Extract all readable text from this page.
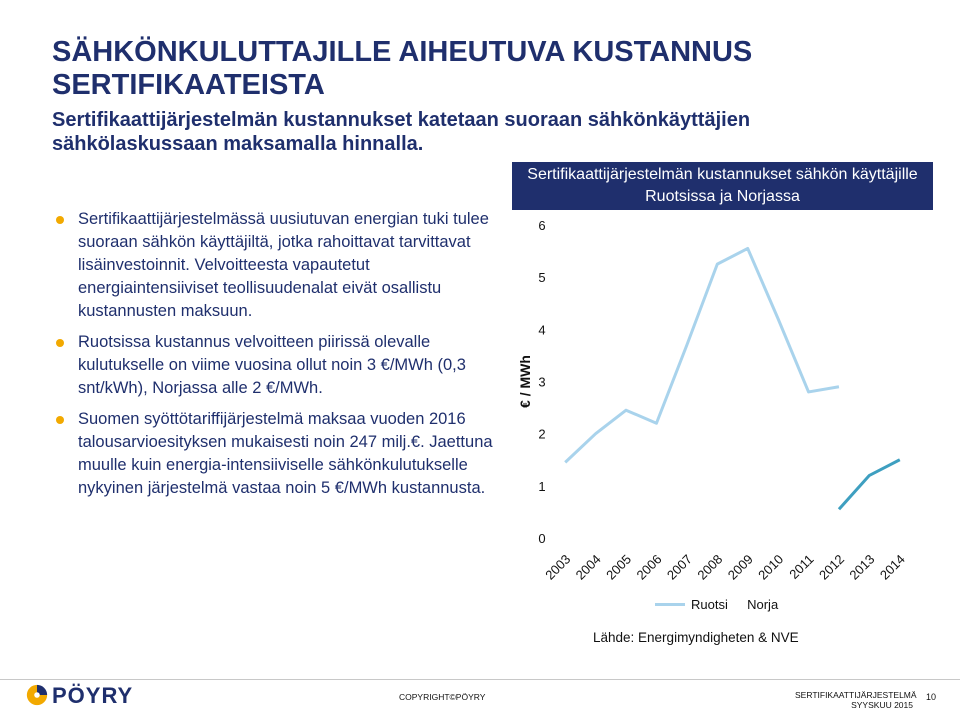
SÄHKÖNKULUTTAJILLE AIHEUTUVA KUSTANNUS SERTIFIKAATEISTA
Sertifikaattijärjestelmän kustannukset katetaan suoraan sähkönkäyttäjien sähkölaskussaan maksamalla hinnalla.
Sertifikaattijärjestelmässä uusiutuvan energian tuki tulee suoraan sähkön käyttäjiltä, jotka rahoittavat tarvittavat lisäinvestoinnit. Velvoitteesta vapautetut energiaintensiiviset teollisuudenalat eivät osallistu kustannusten maksuun.
Ruotsissa kustannus velvoitteen piirissä olevalle kulutukselle on viime vuosina ollut noin 3 €/MWh (0,3 snt/kWh), Norjassa alle 2 €/MWh.
Suomen syöttötariffijärjestelmä maksaa vuoden 2016 talousarvioesityksen mukaisesti noin 247 milj.€. Jaettuna muulle kuin energia-intensiiviselle sähkönkulutukselle nykyinen järjestelmä vastaa noin 5 €/MWh kustannusta.
Sertifikaattijärjestelmän kustannukset sähkön käyttäjille Ruotsissa ja Norjassa
€ / MWh
0
1
2
3
4
5
6
2003 2004 2005 2006 2007 2008 2009 2010 2011 2012 2013 2014
Ruotsi Norja
Lähde: Energimyndigheten & NVE
PÖYRY	COPYRIGHT©PÖYRY	SERTIFIKAATTIJÄRJESTELMÄ
SYYSKUU 2015
10
